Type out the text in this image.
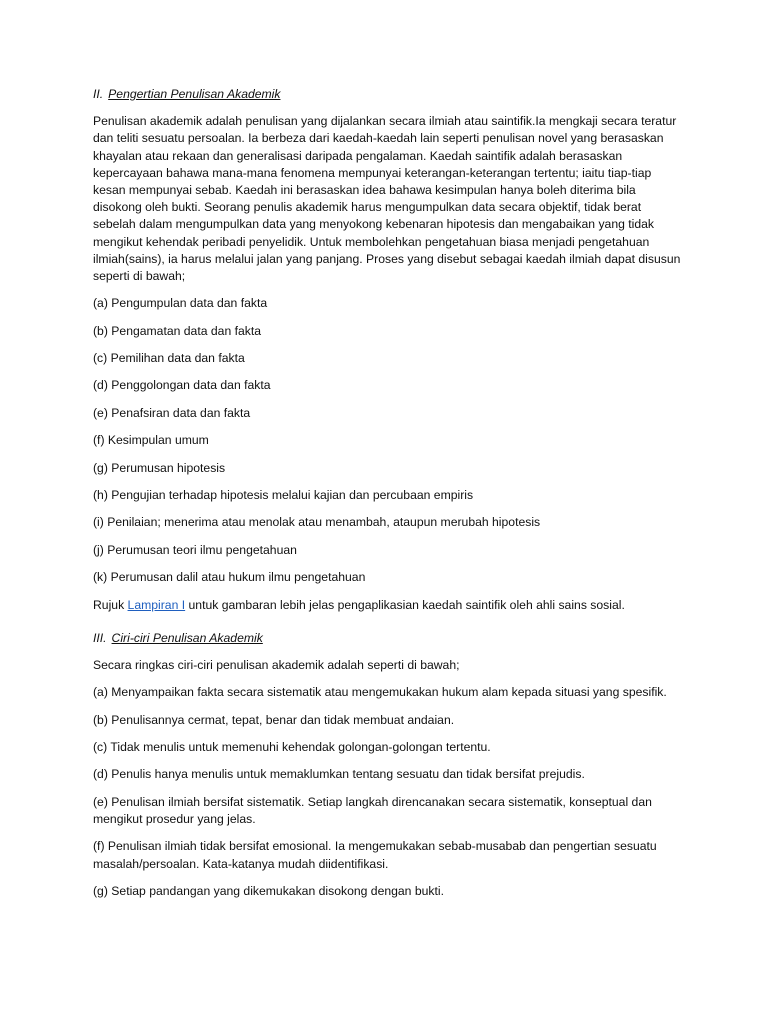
II. Pengertian Penulisan Akademik

Penulisan akademik adalah penulisan yang dijalankan secara ilmiah atau saintifik.Ia mengkaji secara teratur dan teliti sesuatu persoalan. Ia berbeza dari kaedah-kaedah lain seperti penulisan novel yang berasaskan khayalan atau rekaan dan generalisasi daripada pengalaman. Kaedah saintifik adalah berasaskan kepercayaan bahawa mana-mana fenomena mempunyai keterangan-keterangan tertentu; iaitu tiap-tiap kesan mempunyai sebab. Kaedah ini berasaskan idea bahawa kesimpulan hanya boleh diterima bila disokong oleh bukti. Seorang penulis akademik harus mengumpulkan data secara objektif, tidak berat sebelah dalam mengumpulkan data yang menyokong kebenaran hipotesis dan mengabaikan yang tidak mengikut kehendak peribadi penyelidik. Untuk membolehkan pengetahuan biasa menjadi pengetahuan ilmiah(sains), ia harus melalui jalan yang panjang. Proses yang disebut sebagai kaedah ilmiah dapat disusun seperti di bawah;

(a) Pengumpulan data dan fakta
(b) Pengamatan data dan fakta
(c) Pemilihan data dan fakta
(d) Penggolongan data dan fakta
(e) Penafsiran data dan fakta
(f) Kesimpulan umum
(g) Perumusan hipotesis
(h) Pengujian terhadap hipotesis melalui kajian dan percubaan empiris
(i) Penilaian; menerima atau menolak atau menambah, ataupun merubah hipotesis
(j) Perumusan teori ilmu pengetahuan
(k) Perumusan dalil atau hukum ilmu pengetahuan

Rujuk Lampiran I untuk gambaran lebih jelas pengaplikasian kaedah saintifik oleh ahli sains sosial.

III. Ciri-ciri Penulisan Akademik

Secara ringkas ciri-ciri penulisan akademik adalah seperti di bawah;

(a) Menyampaikan fakta secara sistematik atau mengemukakan hukum alam kepada situasi yang spesifik.
(b) Penulisannya cermat, tepat, benar dan tidak membuat andaian.
(c) Tidak menulis untuk memenuhi kehendak golongan-golongan tertentu.
(d) Penulis hanya menulis untuk memaklumkan tentang sesuatu dan tidak bersifat prejudis.
(e) Penulisan ilmiah bersifat sistematik. Setiap langkah direncanakan secara sistematik, konseptual dan mengikut prosedur yang jelas.
(f) Penulisan ilmiah tidak bersifat emosional. Ia mengemukakan sebab-musabab dan pengertian sesuatu masalah/persoalan. Kata-katanya mudah diidentifikasi.
(g) Setiap pandangan yang dikemukakan disokong dengan bukti.
